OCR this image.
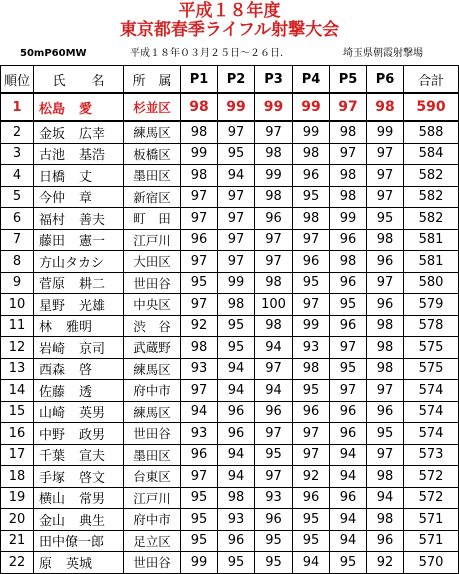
平成１８年度
東京都春季ライフル射撃大会
50mP60MW	平成１８年０３月２５日～２６日.	埼玉県朝霞射撃場
順位	氏　　名	所　属	P1	P2	P3	P4	P5	P6	合計
1	松島 愛	杉並区	98	99	99	99	97	98	590
2	金坂 広幸	練馬区	98	97	97	99	98	99	588
3	古池 基浩	板橋区	99	95	98	98	97	97	584
4	日橋 丈	墨田区	98	94	99	96	98	97	582
5	今仲 章	新宿区	97	97	98	95	98	97	582
6	福村 善夫	町　田	97	97	96	98	99	95	582
7	藤田 憲一	江戸川	96	97	97	97	96	98	581
8	方山タカシ	大田区	97	97	97	96	98	96	581
9	菅原 耕二	世田谷	95	99	98	95	96	97	580
10	星野 光雄	中央区	97	98	100	97	95	96	579
11	林 雅明	渋　谷	92	95	98	99	96	98	578
12	岩崎 京司	武蔵野	98	95	94	93	97	98	575
13	西森 啓	練馬区	93	94	97	98	95	98	575
14	佐藤 透	府中市	97	94	94	95	97	97	574
15	山崎 英男	練馬区	94	96	96	96	96	96	574
16	中野 政男	世田谷	93	96	97	97	96	95	574
17	千葉 宣夫	墨田区	96	94	95	97	94	97	573
18	手塚 啓文	台東区	97	94	97	92	94	98	572
19	横山 常男	江戸川	95	98	93	96	96	94	572
20	金山 典生	府中市	95	93	96	95	94	98	571
21	田中僚一郎	足立区	95	96	95	95	94	96	571
22	原 英城	世田谷	99	95	95	94	95	92	570
